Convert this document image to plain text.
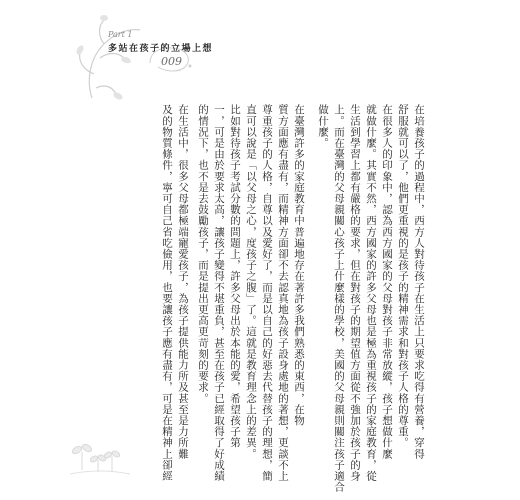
Part 1
多站在孩子的立場上想
009
在培養孩子的過程中，西方人對待孩子在生活上只要求吃得有營養，穿得
舒服就可以了，他們更重視的是孩子的精神需求和對孩子人格的尊重。
在很多人的印象中，認為西方國家的父母對孩子非常放縱，孩子想做什麼
就做什麼。其實不然，西方國家的許多父母也是極為重視孩子的家庭教育，從
生活到學習上都有嚴格的要求，但在對孩子的期望值方面從不強加於孩子的身
上。而在臺灣的父母親關心孩子上什麼樣的學校，美國的父母親則關注孩子適合
做什麼。
在臺灣許多的家庭教育中普遍地存在著許多我們熟悉的東西，在物
質方面應有盡有，而精神方面卻不去認真地為孩子設身處地的著想，更談不上
尊重孩子的人格，自尊以及愛好了，而是以自己的好惡去代替孩子的理想，簡
直可以說是「以父母之心，度孩子之腹」了。這就是教育理念上的差異。
比如對待孩子考試分數的問題上，許多父母出於本能的愛，希望孩子第
一，可是由於要求太高，讓孩子變得不堪重負，甚至在孩子已經取得了好成績
的情況下，也不是去鼓勵孩子，而是提出更高更苛刻的要求。
在生活中，很多父母都極端寵愛孩子，為孩子提供能力所及甚至是力所難
及的物質條件，寧可自己省吃儉用，也要讓孩子應有盡有，可是在精神上卻經
